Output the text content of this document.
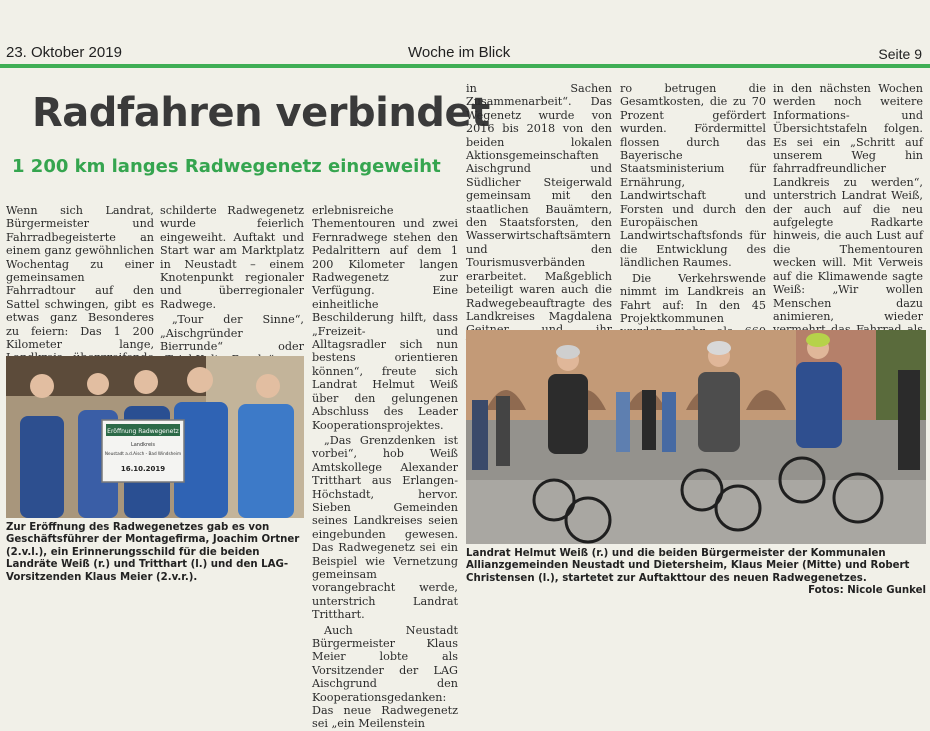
23. Oktober 2019	Woche im Blick	Seite 9
Radfahren verbindet
1 200 km langes Radwegenetz eingeweiht

Wenn sich Landrat, Bürgermeister und Fahrradbegeisterte an einem ganz gewöhnlichen Wochentag zu einer gemeinsamen Fahrradtour auf den Sattel schwingen, gibt es etwas ganz Besonderes zu feiern: Das 1 200 Kilometer lange,

schilderte Radwegenetz wurde feierlich eingeweiht. Auftakt und Start war am Marktplatz in Neustadt – einem Knotenpunkt regionaler und überregionaler Radwege.

„Tour der Sinne“, „Aischgründer Bierrunde“ oder

erlebnisreiche Thementouren und zwei Fernradwege stehen den Pedalrittern auf dem 1 200 Kilometer langen Radwegenetz zur Verfügung. Eine einheitliche Beschilderung hilft, dass „Freizeit- und Alltagsradler sich nun bestens orientieren können“, freute sich Landrat Helmut Weiß über den gelungenen Abschluss des Leader Kooperationsprojektes.

„Das Grenzdenken ist vorbei“, hob Weiß Amtskollege Alexander Tritthart aus Erlangen-Höchstadt, hervor. Sieben Gemeinden seines Landkreises seien eingebunden gewesen. Das Radwegenetz sei ein Beispiel wie Vernetzung gemeinsam vorangebracht werde, unterstrich Landrat Tritthart.

Auch Neustadt Bürgermeister Klaus Meier lobte als Vorsitzender der LAG Aischgrund den Kooperationsgedanken: Das neue Radwegenetz sei „ein Meilenstein

in Sachen Zusammenarbeit“. Das Wegenetz wurde von 2016 bis 2018 von den beiden lokalen Aktionsgemeinschaften Aischgrund und Südlicher Steigerwald gemeinsam mit den staatlichen Bauämtern, den Staatsforsten, den Wasserwirtschaftsämtern und den Tourismusverbänden erarbeitet. Maßgeblich beteiligt waren auch die Radwegebeauftragte des Landkreises Magdalena

ro betrugen die Gesamtkosten, die zu 70 Prozent gefördert wurden. Fördermittel flossen durch das Bayerische Staatsministerium für Ernährung, Landwirtschaft und Forsten und durch den Europäischen Landwirtschaftsfonds für die Entwicklung des ländlichen Raumes.

Die Verkehrswende nimmt im Landkreis an Fahrt auf: In den 45 Projektkommunen

in den nächsten Wochen werden noch weitere Informations- und Übersichtstafeln folgen. Es sei ein „Schritt auf unserem Weg hin fahrradfreundlicher Landkreis zu werden“, unterstrich Landrat Weiß, der auch auf die neu aufgelegte Radkarte hinweis, die auch Lust auf die Thementouren wecken will. Mit Verweis auf die Klimawende sagte Weiß: „Wir wollen Menschen dazu animieren, wieder

Eröffnung Radwegenetz
Landkreis
Neustadt a.d.Aisch - Bad Windsheim
16.10.2019
Zur Eröffnung des Radwegenetzes gab es von Geschäftsführer der Montagefirma, Joachim Ortner (2.v.l.), ein Erinnerungsschild für die beiden Landräte Weiß (r.) und Tritthart (l.) und den LAG-Vorsitzenden Klaus Meier (2.v.r.).
Landrat Helmut Weiß (r.) und die beiden Bürgermeister der Kommunalen Allianzgemeinden Neustadt und Dietersheim, Klaus Meier (Mitte) und Robert Christensen (l.), startetet zur Auftakttour des neuen Radwegenetzes.
Fotos: Nicole Gunkel
